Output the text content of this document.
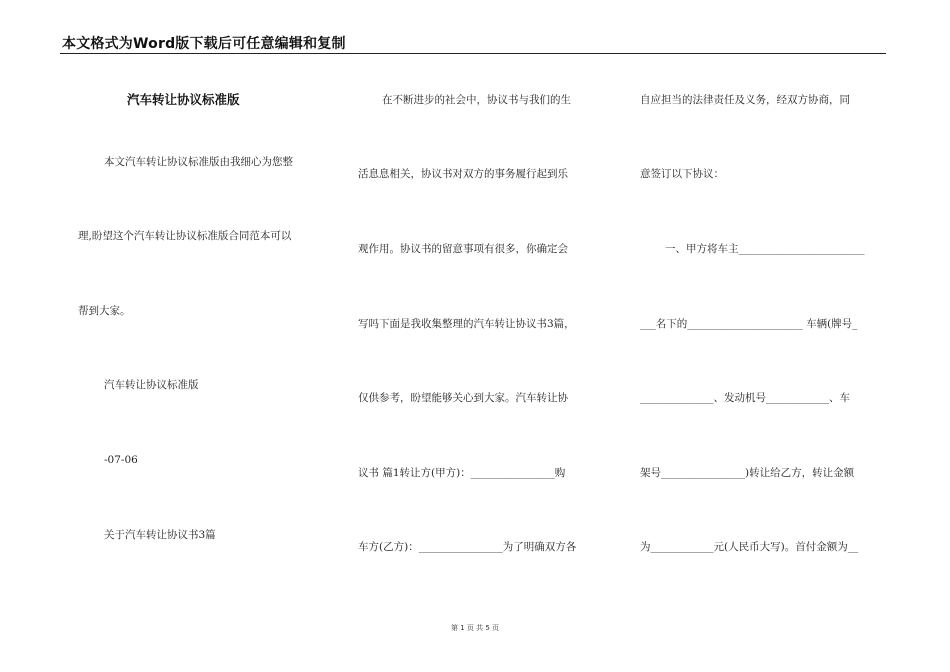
本文格式为Word版下载后可任意编辑和复制
汽车转让协议标准版
本文汽车转让协议标准版由我细心为您整
理,盼望这个汽车转让协议标准版合同范本可以
帮到大家。
汽车转让协议标准版
-07-06
关于汽车转让协议书3篇
在不断进步的社会中，协议书与我们的生
活息息相关，协议书对双方的事务履行起到乐
观作用。协议书的留意事项有很多，你确定会
写吗下面是我收集整理的汽车转让协议书3篇，
仅供参考，盼望能够关心到大家。汽车转让协
议书 篇1转让方(甲方)：________________购
车方(乙方)：________________为了明确双方各
自应担当的法律责任及义务，经双方协商，同
意签订以下协议：
一、甲方将车主________________________
___名下的______________________ 车辆(牌号_
______________、发动机号____________、车
架号________________)转让给乙方，转让金额
为____________元(人民币大写)。首付金额为__
第 1 页 共 5 页
